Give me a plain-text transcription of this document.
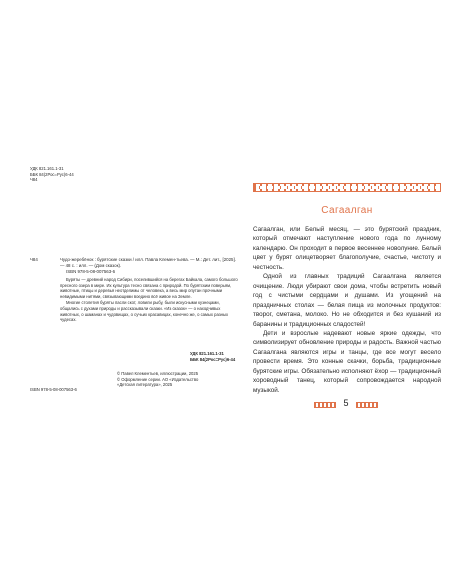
УДК 821.161.1-31
ББК 84(2Рос=Рус)6-44
Ч84
Ч84	Чудо-жеребёнок : бурятские сказки / илл. Павла Клемен-тьева. — М.: Дет. лит., [2025]. — 48 с. : илл. — (Дом сказок).

ISBN 978-5-08-007563-6

Буряты — древний народ Сибири, поселившийся на берегах Байкала, самого большого пресного озера в мире. Их культура тесно связана с природой. По бурятским поверьям, животные, птицы и деревья неотделимы от человека, а весь мир опутан прочными невидимыми нитями, связывающими воедино всё живое на Земле.

Многие столетия буряты пасли скот, ловили рыбу, были искусными кузнецами, общались с духами природы и рассказывали сказки. «Из сказок» — о находчивых животных, о шаманах и чудовищах, о сучьих красавицах, конечно же, о самых разных чудесах.

УДК 821.161.1-31
ББК 84(2Рос=Рус)6-44
© Павел Клементьев, иллюстрации, 2025
© Оформление серии. АО «Издательство
«Детская литература», 2025
ISBN 978-5-08-007563-6
Сагаалган

Сагаалган, или Белый месяц, — это бурятский праздник, который отмечают наступление нового года по лунному календарю. Он проходит в первое весеннее новолуние. Белый цвет у бурят олицетворяет благополучие, счастье, чистоту и честность.

Одной из главных традиций Сагаалгана является очищение. Люди убирают свои дома, чтобы встретить новый год с чистыми сердцами и душами. Из угощений на праздничных столах — белая пища из молочных продуктов: творог, сметана, молоко. Но не обходится и без кушаний из баранины и традиционных сладостей!

Дети и взрослые надевают новые яркие одежды, что символизирует обновление природы и радость. Важной частью Сагаалгана являются игры и танцы, где все могут весело провести время. Это конные скачки, борьба, традиционные бурятские игры. Обязательно исполняют ёхор — традиционный хороводный танец, который сопровождается народной музыкой.

5
